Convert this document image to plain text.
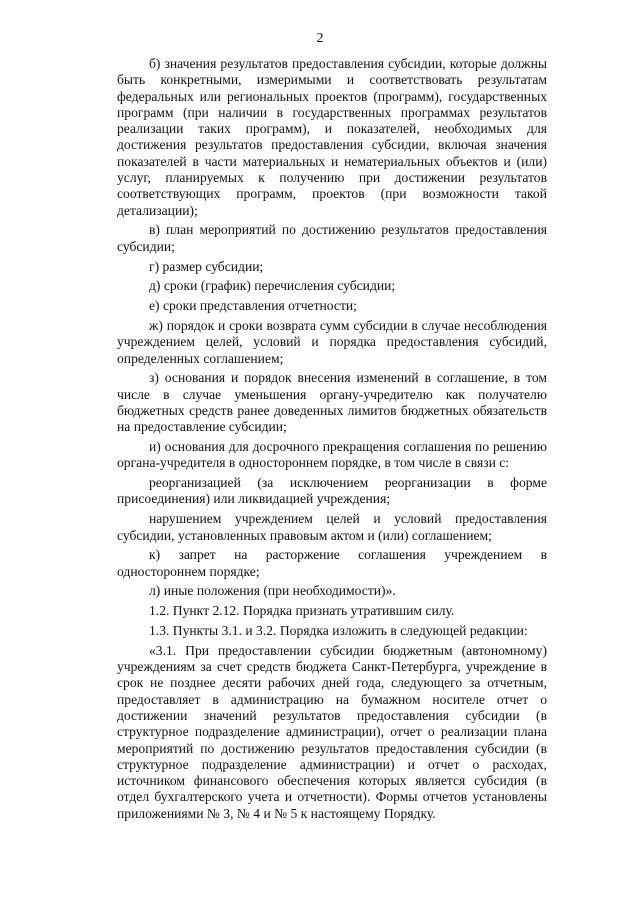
2

б) значения результатов предоставления субсидии, которые должны быть конкретными, измеримыми и соответствовать результатам федеральных или региональных проектов (программ), государственных программ (при наличии в государственных программах результатов реализации таких программ), и показателей, необходимых для достижения результатов предоставления субсидии, включая значения показателей в части материальных и нематериальных объектов и (или) услуг, планируемых к получению при достижении результатов соответствующих программ, проектов (при возможности такой детализации);

в) план мероприятий по достижению результатов предоставления субсидии;

г) размер субсидии;

д) сроки (график) перечисления субсидии;

е) сроки представления отчетности;

ж) порядок и сроки возврата сумм субсидии в случае несоблюдения учреждением целей, условий и порядка предоставления субсидий, определенных соглашением;

з) основания и порядок внесения изменений в соглашение, в том числе в случае уменьшения органу-учредителю как получателю бюджетных средств ранее доведенных лимитов бюджетных обязательств на предоставление субсидии;

и) основания для досрочного прекращения соглашения по решению органа-учредителя в одностороннем порядке, в том числе в связи с:

реорганизацией (за исключением реорганизации в форме присоединения) или ликвидацией учреждения;

нарушением учреждением целей и условий предоставления субсидии, установленных правовым актом и (или) соглашением;

к) запрет на расторжение соглашения учреждением в одностороннем порядке;

л) иные положения (при необходимости)».

1.2. Пункт 2.12. Порядка признать утратившим силу.

1.3. Пункты 3.1. и 3.2. Порядка изложить в следующей редакции:

«3.1. При предоставлении субсидии бюджетным (автономному) учреждениям за счет средств бюджета Санкт-Петербурга, учреждение в срок не позднее десяти рабочих дней года, следующего за отчетным, предоставляет в администрацию на бумажном носителе отчет о достижении значений результатов предоставления субсидии (в структурное подразделение администрации), отчет о реализации плана мероприятий по достижению результатов предоставления субсидии (в структурное подразделение администрации) и отчет о расходах, источником финансового обеспечения которых является субсидия (в отдел бухгалтерского учета и отчетности). Формы отчетов установлены приложениями № 3, № 4 и № 5 к настоящему Порядку.
